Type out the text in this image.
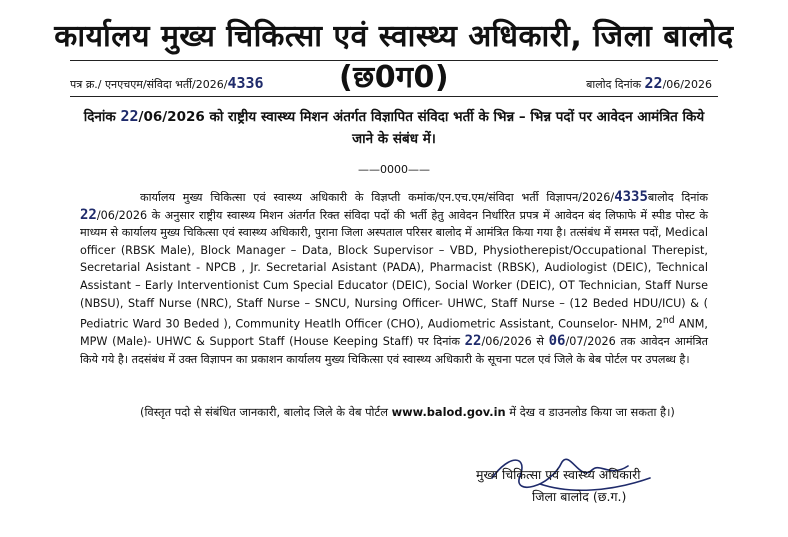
कार्यालय मुख्य चिकित्सा एवं स्वास्थ्य अधिकारी, जिला बालोद (छ0ग0)
पत्र क्र./ एनएचएम/संविदा भर्ती/2026/4336	बालोद दिनांक 22/06/2026
दिनांक 22/06/2026 को राष्ट्रीय स्वास्थ्य मिशन अंतर्गत विज्ञापित संविदा भर्ती के भिन्न – भिन्न पदों पर आवेदन आमंत्रित किये जाने के संबंध में।
——0000——
कार्यालय मुख्य चिकित्सा एवं स्वास्थ्य अधिकारी के विज्ञप्ती कमांक/एन.एच.एम/संविदा भर्ती विज्ञापन/2026/4335बालोद दिनांक 22/06/2026 के अनुसार राष्ट्रीय स्वास्थ्य मिशन अंतर्गत रिक्त संविदा पदों की भर्ती हेतु आवेदन निर्धारित प्रपत्र में आवेदन बंद लिफाफे में स्पीड पोस्ट के माध्यम से कार्यालय मुख्य चिकित्सा एवं स्वास्थ्य अधिकारी, पुराना जिला अस्पताल परिसर बालोद में आमंत्रित किया गया है। तत्संबंध में समस्त पदों, Medical officer (RBSK Male), Block Manager – Data, Block Supervisor – VBD, Physiotherepist/Occupational Therepist, Secretarial Asistant - NPCB , Jr. Secretarial Asistant (PADA), Pharmacist (RBSK), Audiologist (DEIC), Technical Assistant – Early Interventionist Cum Special Educator (DEIC), Social Worker (DEIC), OT Technician, Staff Nurse (NBSU), Staff Nurse (NRC), Staff Nurse – SNCU, Nursing Officer- UHWC, Staff Nurse – (12 Beded HDU/ICU) & ( Pediatric Ward 30 Beded ), Community Heatlh Officer (CHO), Audiometric Assistant, Counselor- NHM, 2nd ANM, MPW (Male)- UHWC & Support Staff (House Keeping Staff) पर दिनांक 22/06/2026 से 06/07/2026 तक आवेदन आमंत्रित किये गये है। तदसंबंध में उक्त विज्ञापन का प्रकाशन कार्यालय मुख्य चिकित्सा एवं स्वास्थ्य अधिकारी के सूचना पटल एवं जिले के बेब पोर्टल पर उपलब्ध है।
(विस्तृत पदो से संबंधित जानकारी, बालोद जिले के वेब पोर्टल www.balod.gov.in में देख व डाउनलोड किया जा सकता है।)
मुख्य चिकित्सा एवं स्वास्थ्य अधिकारी
जिला बालोद (छ.ग.)
